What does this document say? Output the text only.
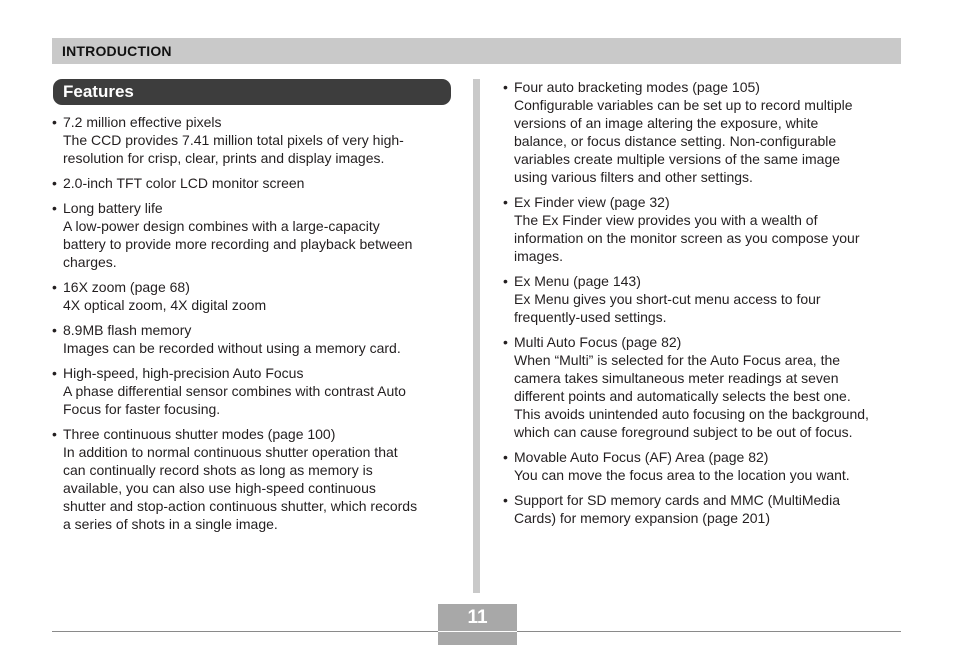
INTRODUCTION
Features
• 7.2 million effective pixels
The CCD provides 7.41 million total pixels of very high-
resolution for crisp, clear, prints and display images.
• 2.0-inch TFT color LCD monitor screen
• Long battery life
A low-power design combines with a large-capacity
battery to provide more recording and playback between
charges.
• 16X zoom (page 68)
4X optical zoom, 4X digital zoom
• 8.9MB flash memory
Images can be recorded without using a memory card.
• High-speed, high-precision Auto Focus
A phase differential sensor combines with contrast Auto
Focus for faster focusing.
• Three continuous shutter modes (page 100)
In addition to normal continuous shutter operation that
can continually record shots as long as memory is
available, you can also use high-speed continuous
shutter and stop-action continuous shutter, which records
a series of shots in a single image.
• Four auto bracketing modes (page 105)
Configurable variables can be set up to record multiple
versions of an image altering the exposure, white
balance, or focus distance setting. Non-configurable
variables create multiple versions of the same image
using various filters and other settings.
• Ex Finder view (page 32)
The Ex Finder view provides you with a wealth of
information on the monitor screen as you compose your
images.
• Ex Menu (page 143)
Ex Menu gives you short-cut menu access to four
frequently-used settings.
• Multi Auto Focus (page 82)
When “Multi” is selected for the Auto Focus area, the
camera takes simultaneous meter readings at seven
different points and automatically selects the best one.
This avoids unintended auto focusing on the background,
which can cause foreground subject to be out of focus.
• Movable Auto Focus (AF) Area (page 82)
You can move the focus area to the location you want.
• Support for SD memory cards and MMC (MultiMedia
Cards) for memory expansion (page 201)
11
